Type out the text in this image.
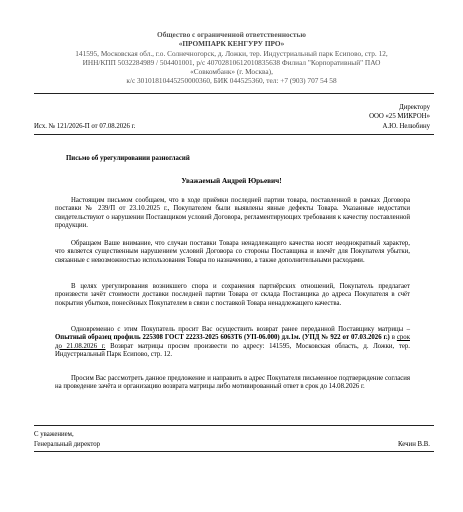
Общество с ограниченной ответственностью
«ПРОМПАРК КЕНГУРУ ПРО»
141595, Московская обл., г.о. Солнечногорск, д. Ложки, тер. Индустриальный парк Есипово, стр. 12,
ИНН/КПП 5032284989 / 504401001, р/с 40702810612010835638 Филиал "Корпоративный" ПАО
«Совкомбанк» (г. Москва),
к/с 30101810445250000360, БИК 044525360, тел: +7 (903) 707 54 58
Директору
ООО «25 МИКРОН»
А.Ю. Нелюбину
Исх. № 121/2026-П от 07.08.2026 г.
Письмо об урегулировании разногласий
Уважаемый Андрей Юрьевич!

Настоящим письмом сообщаем, что в ходе приёмки последней партии товара, поставленной в рамках Договора поставки № 239/П от 23.10.2025 г., Покупателем были выявлены явные дефекты Товара. Указанные недостатки свидетельствуют о нарушении Поставщиком условий Договора, регламентирующих требования к качеству поставленной продукции.

Обращаем Ваше внимание, что случаи поставки Товара ненадлежащего качества носят неоднократный характер, что является существенным нарушением условий Договора со стороны Поставщика и влечёт для Покупателя убытки, связанные с невозможностью использования Товара по назначению, а также дополнительными расходами.

В целях урегулирования возникшего спора и сохранения партнёрских отношений, Покупатель предлагает произвести зачёт стоимости доставки последней партии Товара от склада Поставщика до адреса Покупателя в счёт покрытия убытков, понесённых Покупателем в связи с поставкой Товара ненадлежащего качества.

Одновременно с этим Покупатель просит Вас осуществить возврат ранее переданной Поставщику матрицы – Опытный образец профиль 225308 ГОСТ 22233-2025 6063Т6 (УП-06.000) дл.1м. (УПД № 922 от 07.03.2026 г.) в срок до 21.08.2026 г. Возврат матрицы просим произвести по адресу: 141595, Московская область, д. Ложки, тер. Индустриальный Парк Есипово, стр. 12.

Просим Вас рассмотреть данное предложение и направить в адрес Покупателя письменное подтверждение согласия на проведение зачёта и организацию возврата матрицы либо мотивированный ответ в срок до 14.08.2026 г.

С уважением,
Генеральный директор	Кечин В.В.
